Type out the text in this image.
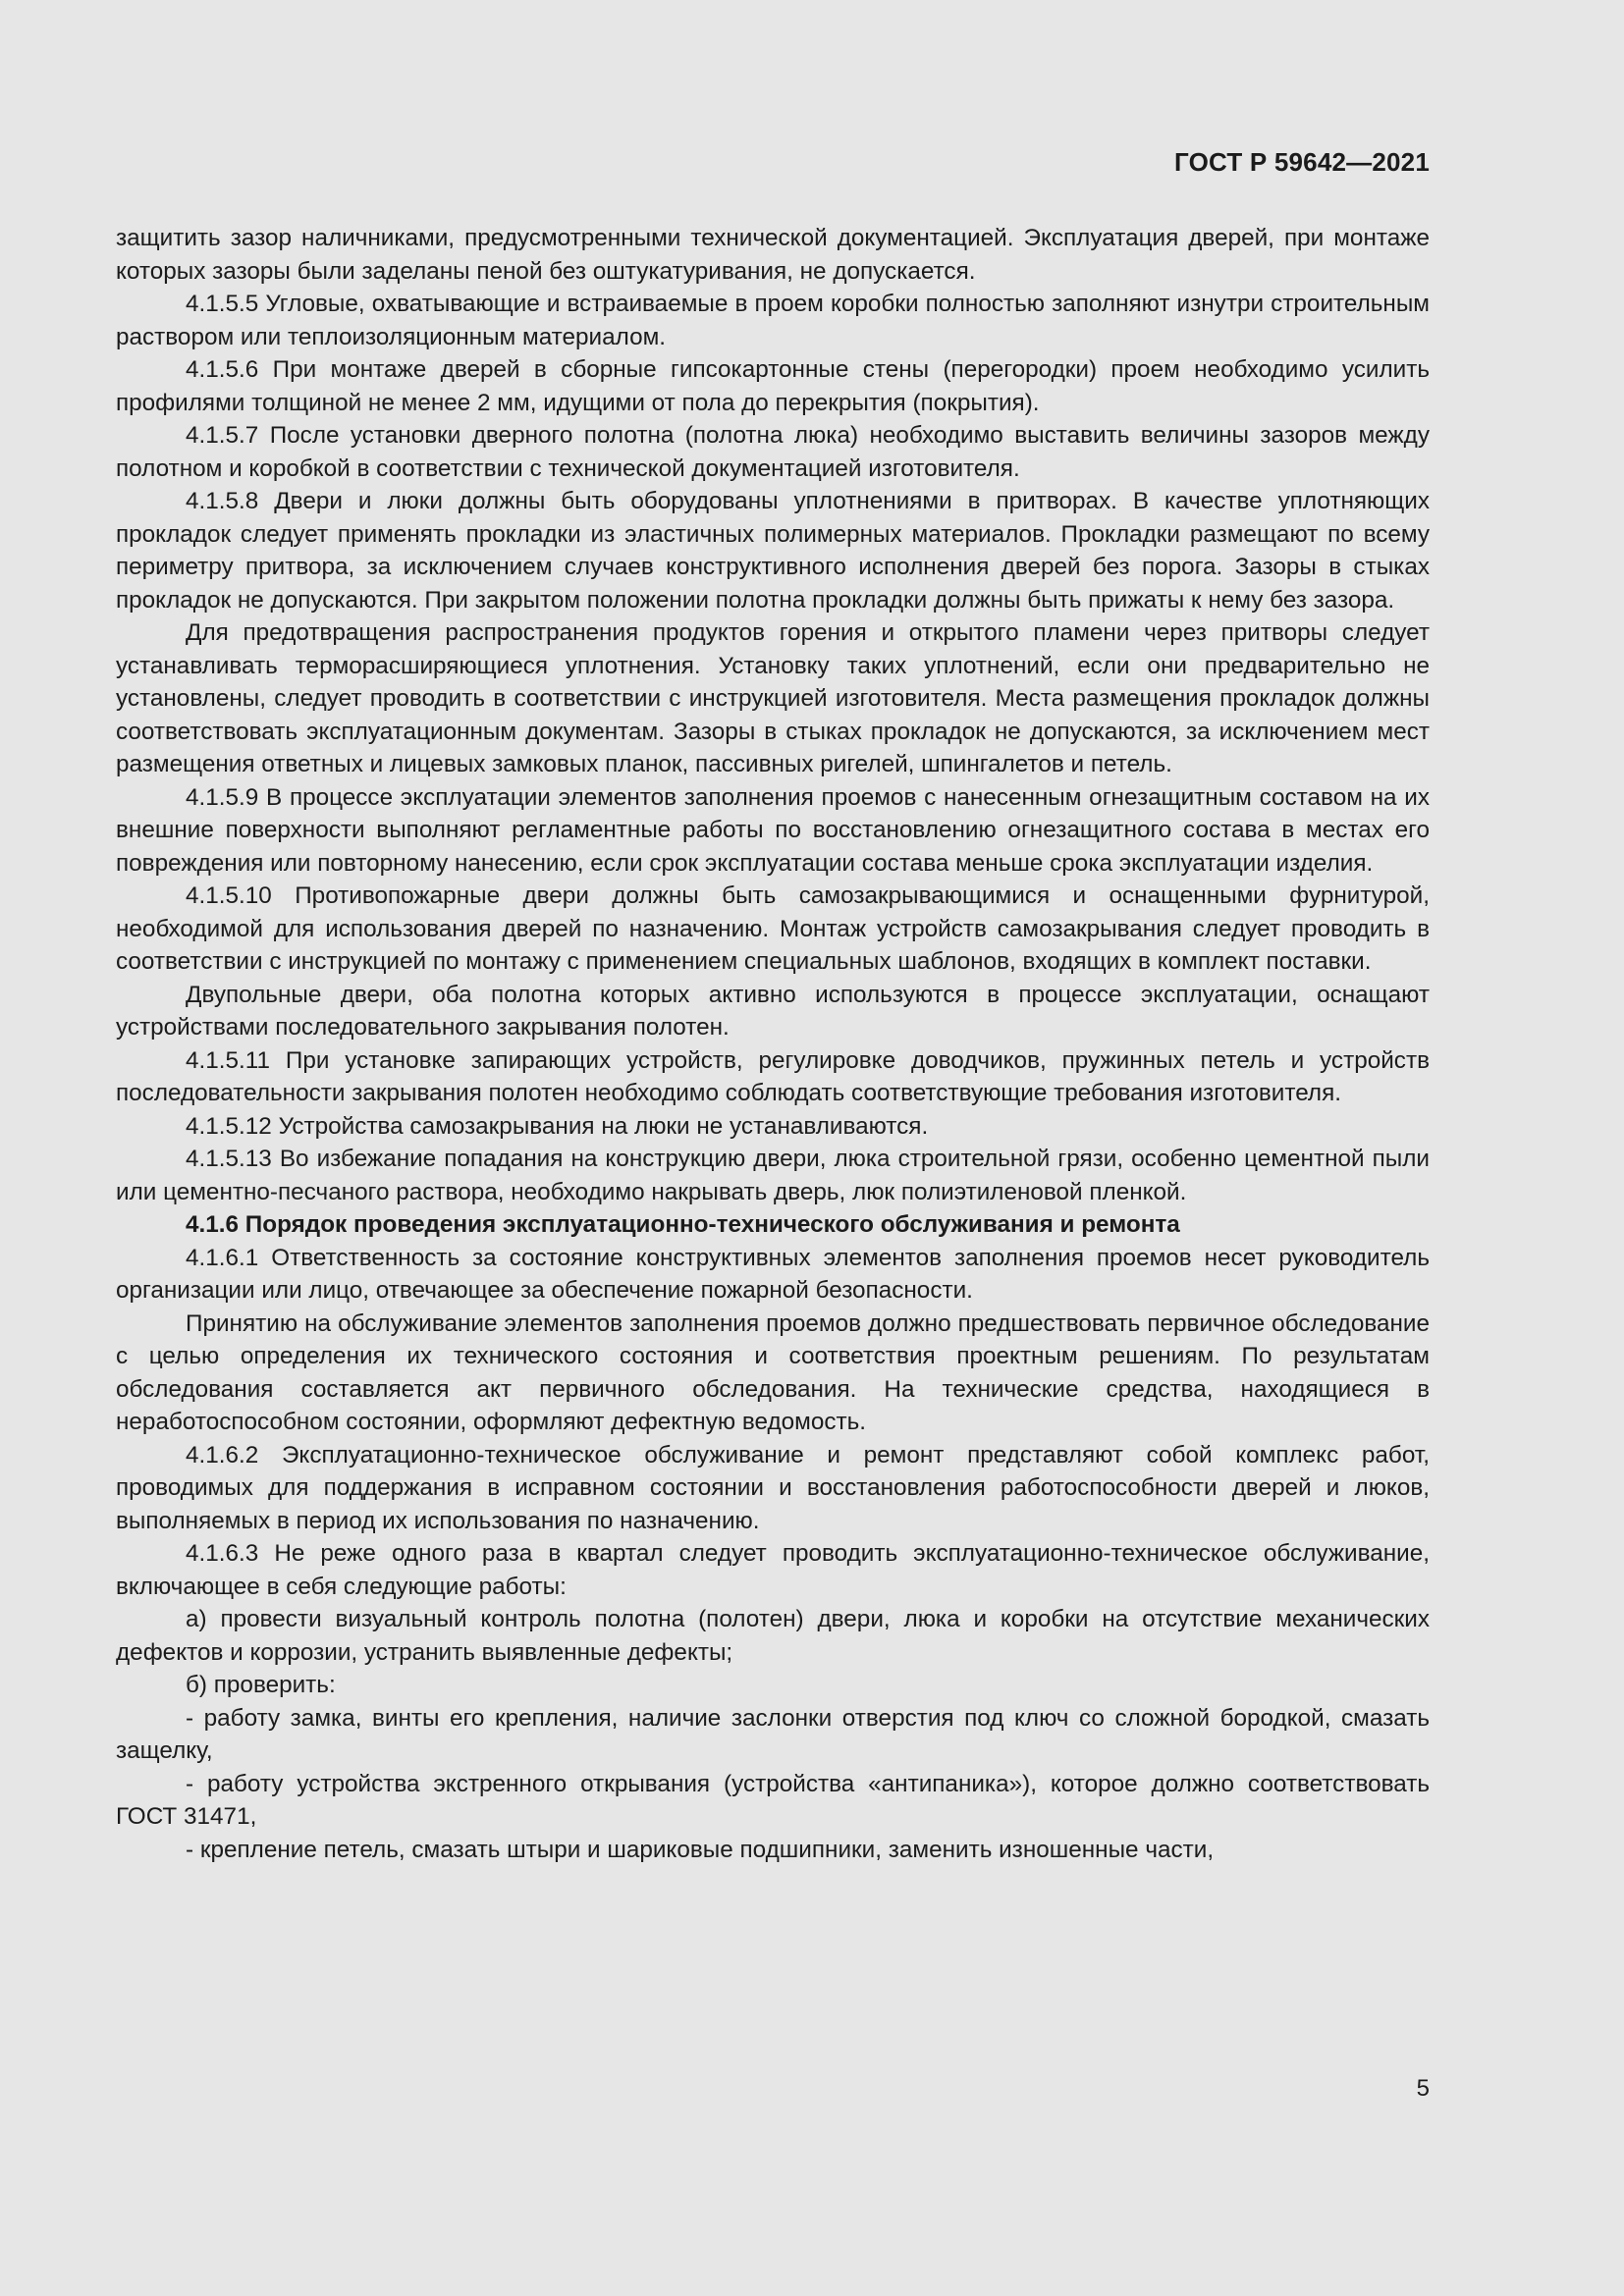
ГОСТ Р 59642—2021

защитить зазор наличниками, предусмотренными технической документацией. Эксплуатация дверей, при монтаже которых зазоры были заделаны пеной без оштукатуривания, не допускается.

4.1.5.5 Угловые, охватывающие и встраиваемые в проем коробки полностью заполняют изнутри строительным раствором или теплоизоляционным материалом.

4.1.5.6 При монтаже дверей в сборные гипсокартонные стены (перегородки) проем необходимо усилить профилями толщиной не менее 2 мм, идущими от пола до перекрытия (покрытия).

4.1.5.7 После установки дверного полотна (полотна люка) необходимо выставить величины зазоров между полотном и коробкой в соответствии с технической документацией изготовителя.

4.1.5.8 Двери и люки должны быть оборудованы уплотнениями в притворах. В качестве уплотняющих прокладок следует применять прокладки из эластичных полимерных материалов. Прокладки размещают по всему периметру притвора, за исключением случаев конструктивного исполнения дверей без порога. Зазоры в стыках прокладок не допускаются. При закрытом положении полотна прокладки должны быть прижаты к нему без зазора.

Для предотвращения распространения продуктов горения и открытого пламени через притворы следует устанавливать терморасширяющиеся уплотнения. Установку таких уплотнений, если они предварительно не установлены, следует проводить в соответствии с инструкцией изготовителя. Места размещения прокладок должны соответствовать эксплуатационным документам. Зазоры в стыках прокладок не допускаются, за исключением мест размещения ответных и лицевых замковых планок, пассивных ригелей, шпингалетов и петель.

4.1.5.9 В процессе эксплуатации элементов заполнения проемов с нанесенным огнезащитным составом на их внешние поверхности выполняют регламентные работы по восстановлению огнезащитного состава в местах его повреждения или повторному нанесению, если срок эксплуатации состава меньше срока эксплуатации изделия.

4.1.5.10 Противопожарные двери должны быть самозакрывающимися и оснащенными фурнитурой, необходимой для использования дверей по назначению. Монтаж устройств самозакрывания следует проводить в соответствии с инструкцией по монтажу с применением специальных шаблонов, входящих в комплект поставки.

Двупольные двери, оба полотна которых активно используются в процессе эксплуатации, оснащают устройствами последовательного закрывания полотен.

4.1.5.11 При установке запирающих устройств, регулировке доводчиков, пружинных петель и устройств последовательности закрывания полотен необходимо соблюдать соответствующие требования изготовителя.

4.1.5.12 Устройства самозакрывания на люки не устанавливаются.

4.1.5.13 Во избежание попадания на конструкцию двери, люка строительной грязи, особенно цементной пыли или цементно-песчаного раствора, необходимо накрывать дверь, люк полиэтиленовой пленкой.

4.1.6 Порядок проведения эксплуатационно-технического обслуживания и ремонта

4.1.6.1 Ответственность за состояние конструктивных элементов заполнения проемов несет руководитель организации или лицо, отвечающее за обеспечение пожарной безопасности.

Принятию на обслуживание элементов заполнения проемов должно предшествовать первичное обследование с целью определения их технического состояния и соответствия проектным решениям. По результатам обследования составляется акт первичного обследования. На технические средства, находящиеся в неработоспособном состоянии, оформляют дефектную ведомость.

4.1.6.2 Эксплуатационно-техническое обслуживание и ремонт представляют собой комплекс работ, проводимых для поддержания в исправном состоянии и восстановления работоспособности дверей и люков, выполняемых в период их использования по назначению.

4.1.6.3 Не реже одного раза в квартал следует проводить эксплуатационно-техническое обслуживание, включающее в себя следующие работы:

а) провести визуальный контроль полотна (полотен) двери, люка и коробки на отсутствие механических дефектов и коррозии, устранить выявленные дефекты;

б) проверить:

- работу замка, винты его крепления, наличие заслонки отверстия под ключ со сложной бородкой, смазать защелку,

- работу устройства экстренного открывания (устройства «антипаника»), которое должно соответствовать ГОСТ 31471,

- крепление петель, смазать штыри и шариковые подшипники, заменить изношенные части,

5
